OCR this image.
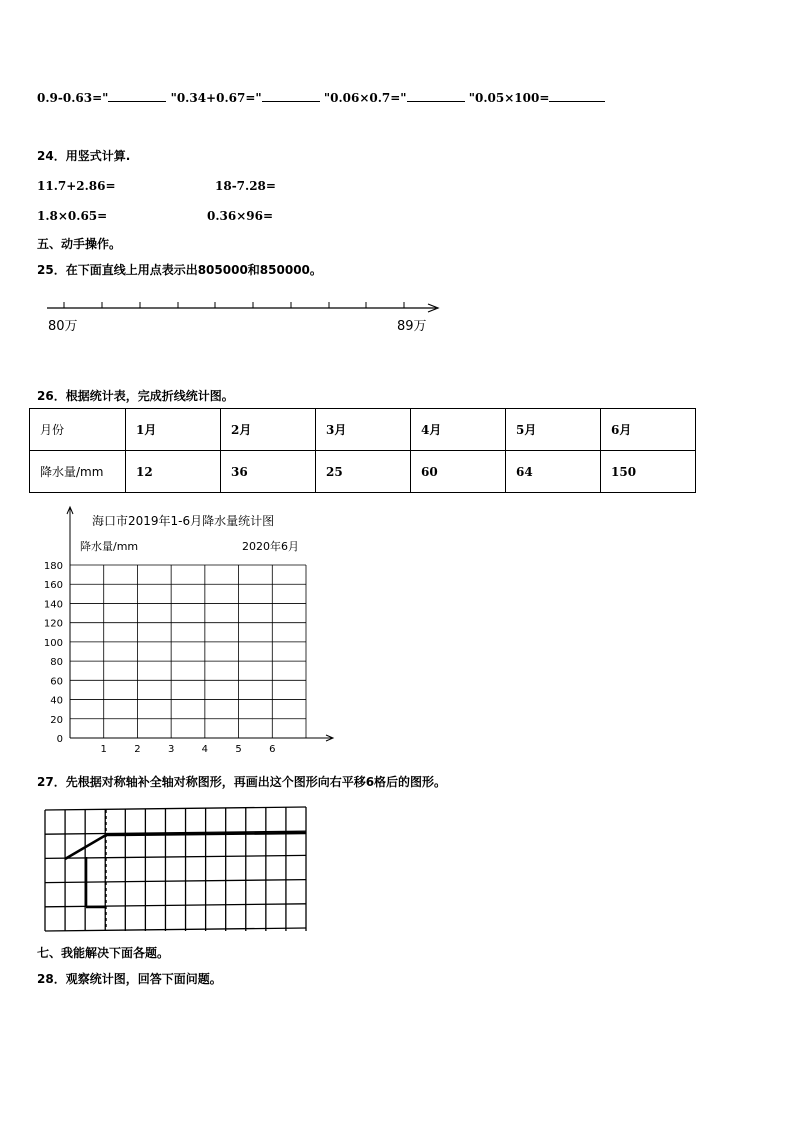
0.9-0.63="	"0.34+0.67="	"0.06×0.7="	"0.05×100=
24．用竖式计算.
11.7+2.86=	18-7.28=
1.8×0.65=	0.36×96=
五、动手操作。
25．在下面直线上用点表示出805000和850000。
80万	89万
26．根据统计表，完成折线统计图。
月份	1月	2月	3月	4月	5月	6月
降水量/mm	12	36	25	60	64	150
海口市2019年1-6月降水量统计图
降水量/mm	2020年6月
0
20
40
60
80
100
120
140
160
180
1	2	3	4	5	6
27．先根据对称轴补全轴对称图形，再画出这个图形向右平移6格后的图形。
七、我能解决下面各题。
28．观察统计图，回答下面问题。
